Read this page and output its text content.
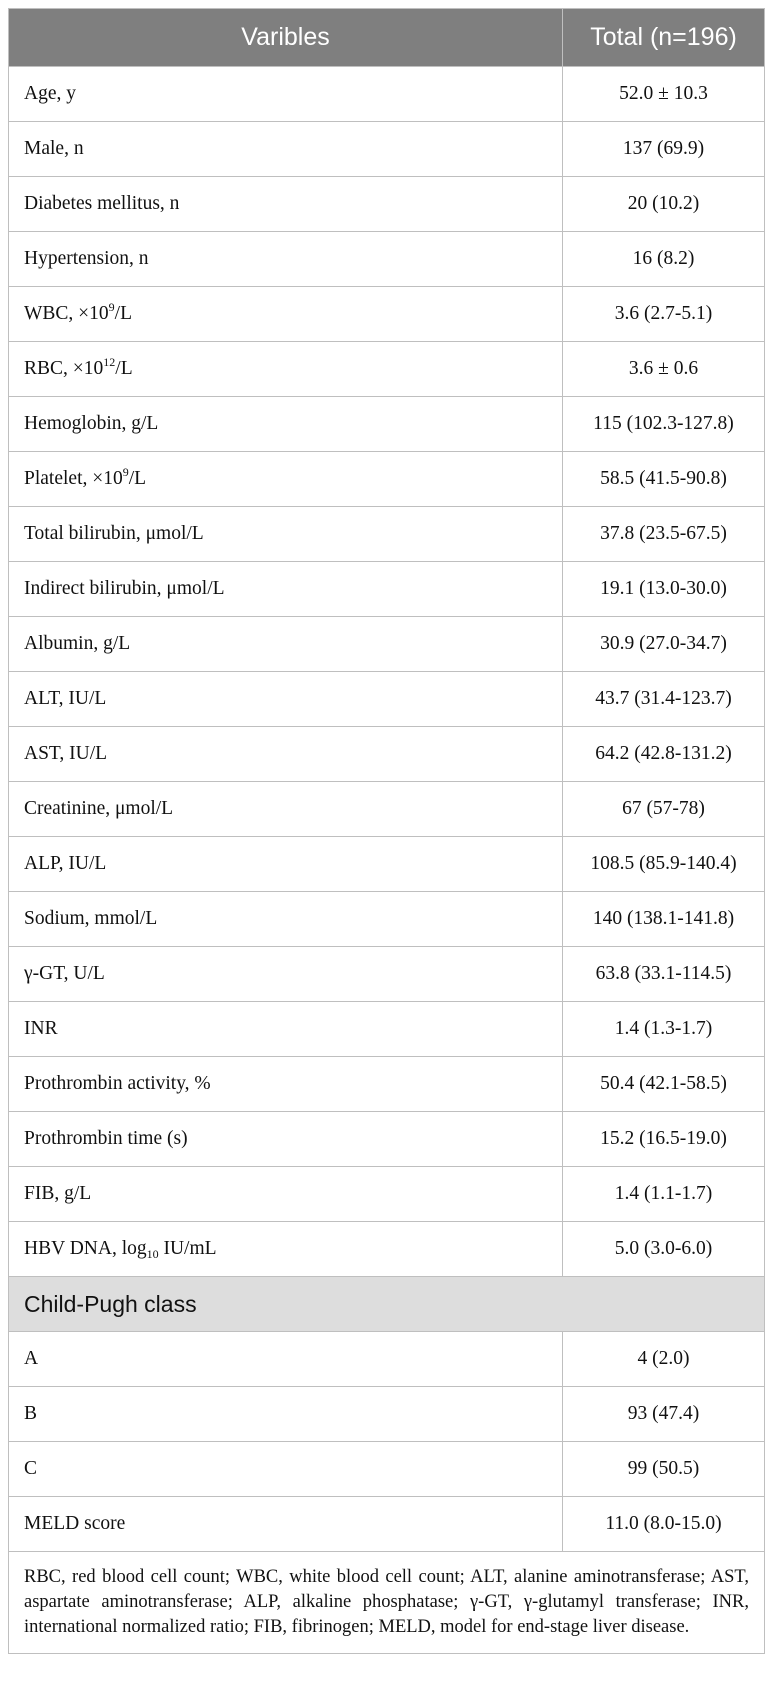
Varibles	Total (n=196)
Age, y	52.0 ± 10.3
Male, n	137 (69.9)
Diabetes mellitus, n	20 (10.2)
Hypertension, n	16 (8.2)
WBC, $\times 10^9/L$	3.6 (2.7-5.1)
RBC, $\times 10^{12}/L$	3.6 ± 0.6
Hemoglobin, g/L	115 (102.3-127.8)
Platelet, $\times 10^9/L$	58.5 (41.5-90.8)
Total bilirubin, μmol/L	37.8 (23.5-67.5)
Indirect bilirubin, μmol/L	19.1 (13.0-30.0)
Albumin, g/L	30.9 (27.0-34.7)
ALT, IU/L	43.7 (31.4-123.7)
AST, IU/L	64.2 (42.8-131.2)
Creatinine, μmol/L	67 (57-78)
ALP, IU/L	108.5 (85.9-140.4)
Sodium, mmol/L	140 (138.1-141.8)
γ-GT, U/L	63.8 (33.1-114.5)
INR	1.4 (1.3-1.7)
Prothrombin activity, %	50.4 (42.1-58.5)
Prothrombin time (s)	15.2 (16.5-19.0)
FIB, g/L	1.4 (1.1-1.7)
HBV DNA, $\log_{10} IU/mL$	5.0 (3.0-6.0)
Child-Pugh class	
A	4 (2.0)
B	93 (47.4)
C	99 (50.5)
MELD score	11.0 (8.0-15.0)
RBC, red blood cell count; WBC, white blood cell count; ALT, alanine aminotransferase; AST, aspartate aminotransferase; ALP, alkaline phosphatase; γ-GT, γ-glutamyl transferase; INR, international normalized ratio; FIB, fibrinogen; MELD, model for end-stage liver disease.	
